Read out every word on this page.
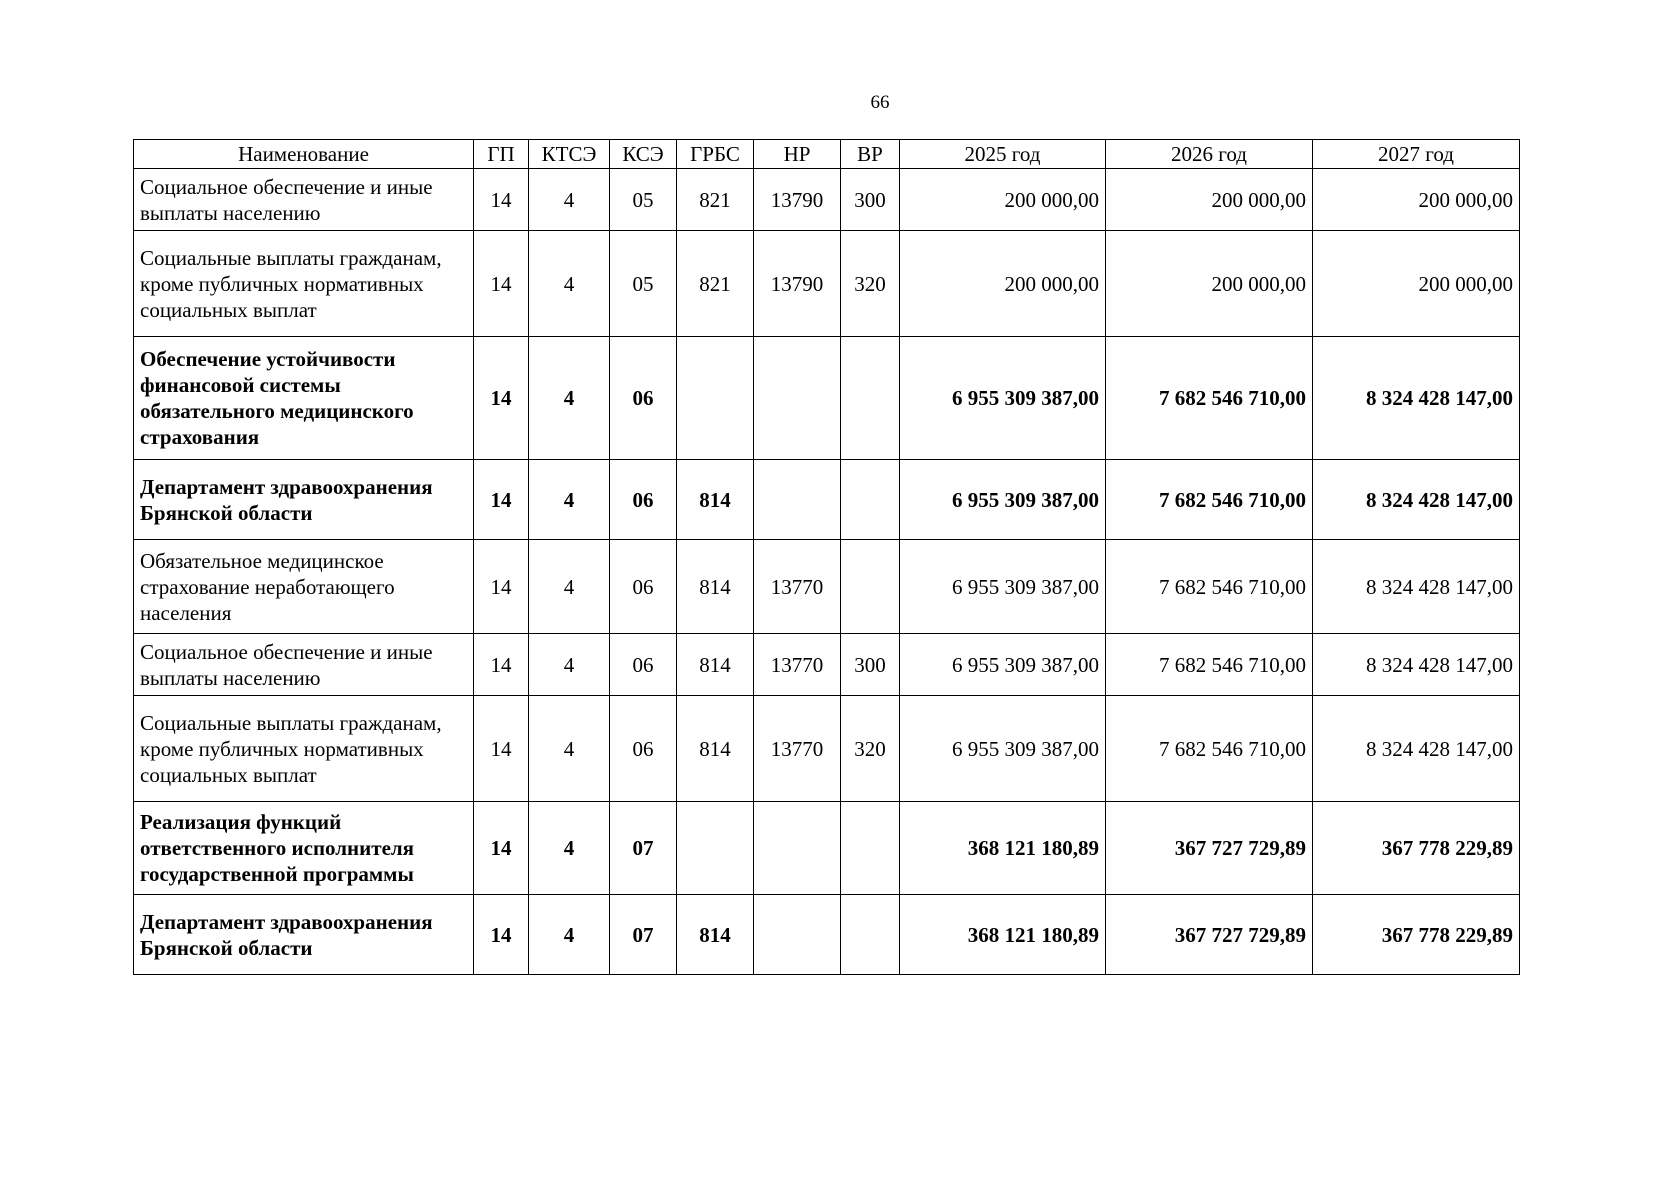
66
Наименование	ГП	КТСЭ	КСЭ	ГРБС	НР	ВР	2025 год	2026 год	2027 год
Социальное обеспечение и иные выплаты населению	14	4	05	821	13790	300	200 000,00	200 000,00	200 000,00
Социальные выплаты гражданам, кроме публичных нормативных социальных выплат	14	4	05	821	13790	320	200 000,00	200 000,00	200 000,00
Обеспечение устойчивости финансовой системы обязательного медицинского страхования	14	4	06				6 955 309 387,00	7 682 546 710,00	8 324 428 147,00
Департамент здравоохранения Брянской области	14	4	06	814			6 955 309 387,00	7 682 546 710,00	8 324 428 147,00
Обязательное медицинское страхование неработающего населения	14	4	06	814	13770		6 955 309 387,00	7 682 546 710,00	8 324 428 147,00
Социальное обеспечение и иные выплаты населению	14	4	06	814	13770	300	6 955 309 387,00	7 682 546 710,00	8 324 428 147,00
Социальные выплаты гражданам, кроме публичных нормативных социальных выплат	14	4	06	814	13770	320	6 955 309 387,00	7 682 546 710,00	8 324 428 147,00
Реализация функций ответственного исполнителя государственной программы	14	4	07				368 121 180,89	367 727 729,89	367 778 229,89
Департамент здравоохранения Брянской области	14	4	07	814			368 121 180,89	367 727 729,89	367 778 229,89
